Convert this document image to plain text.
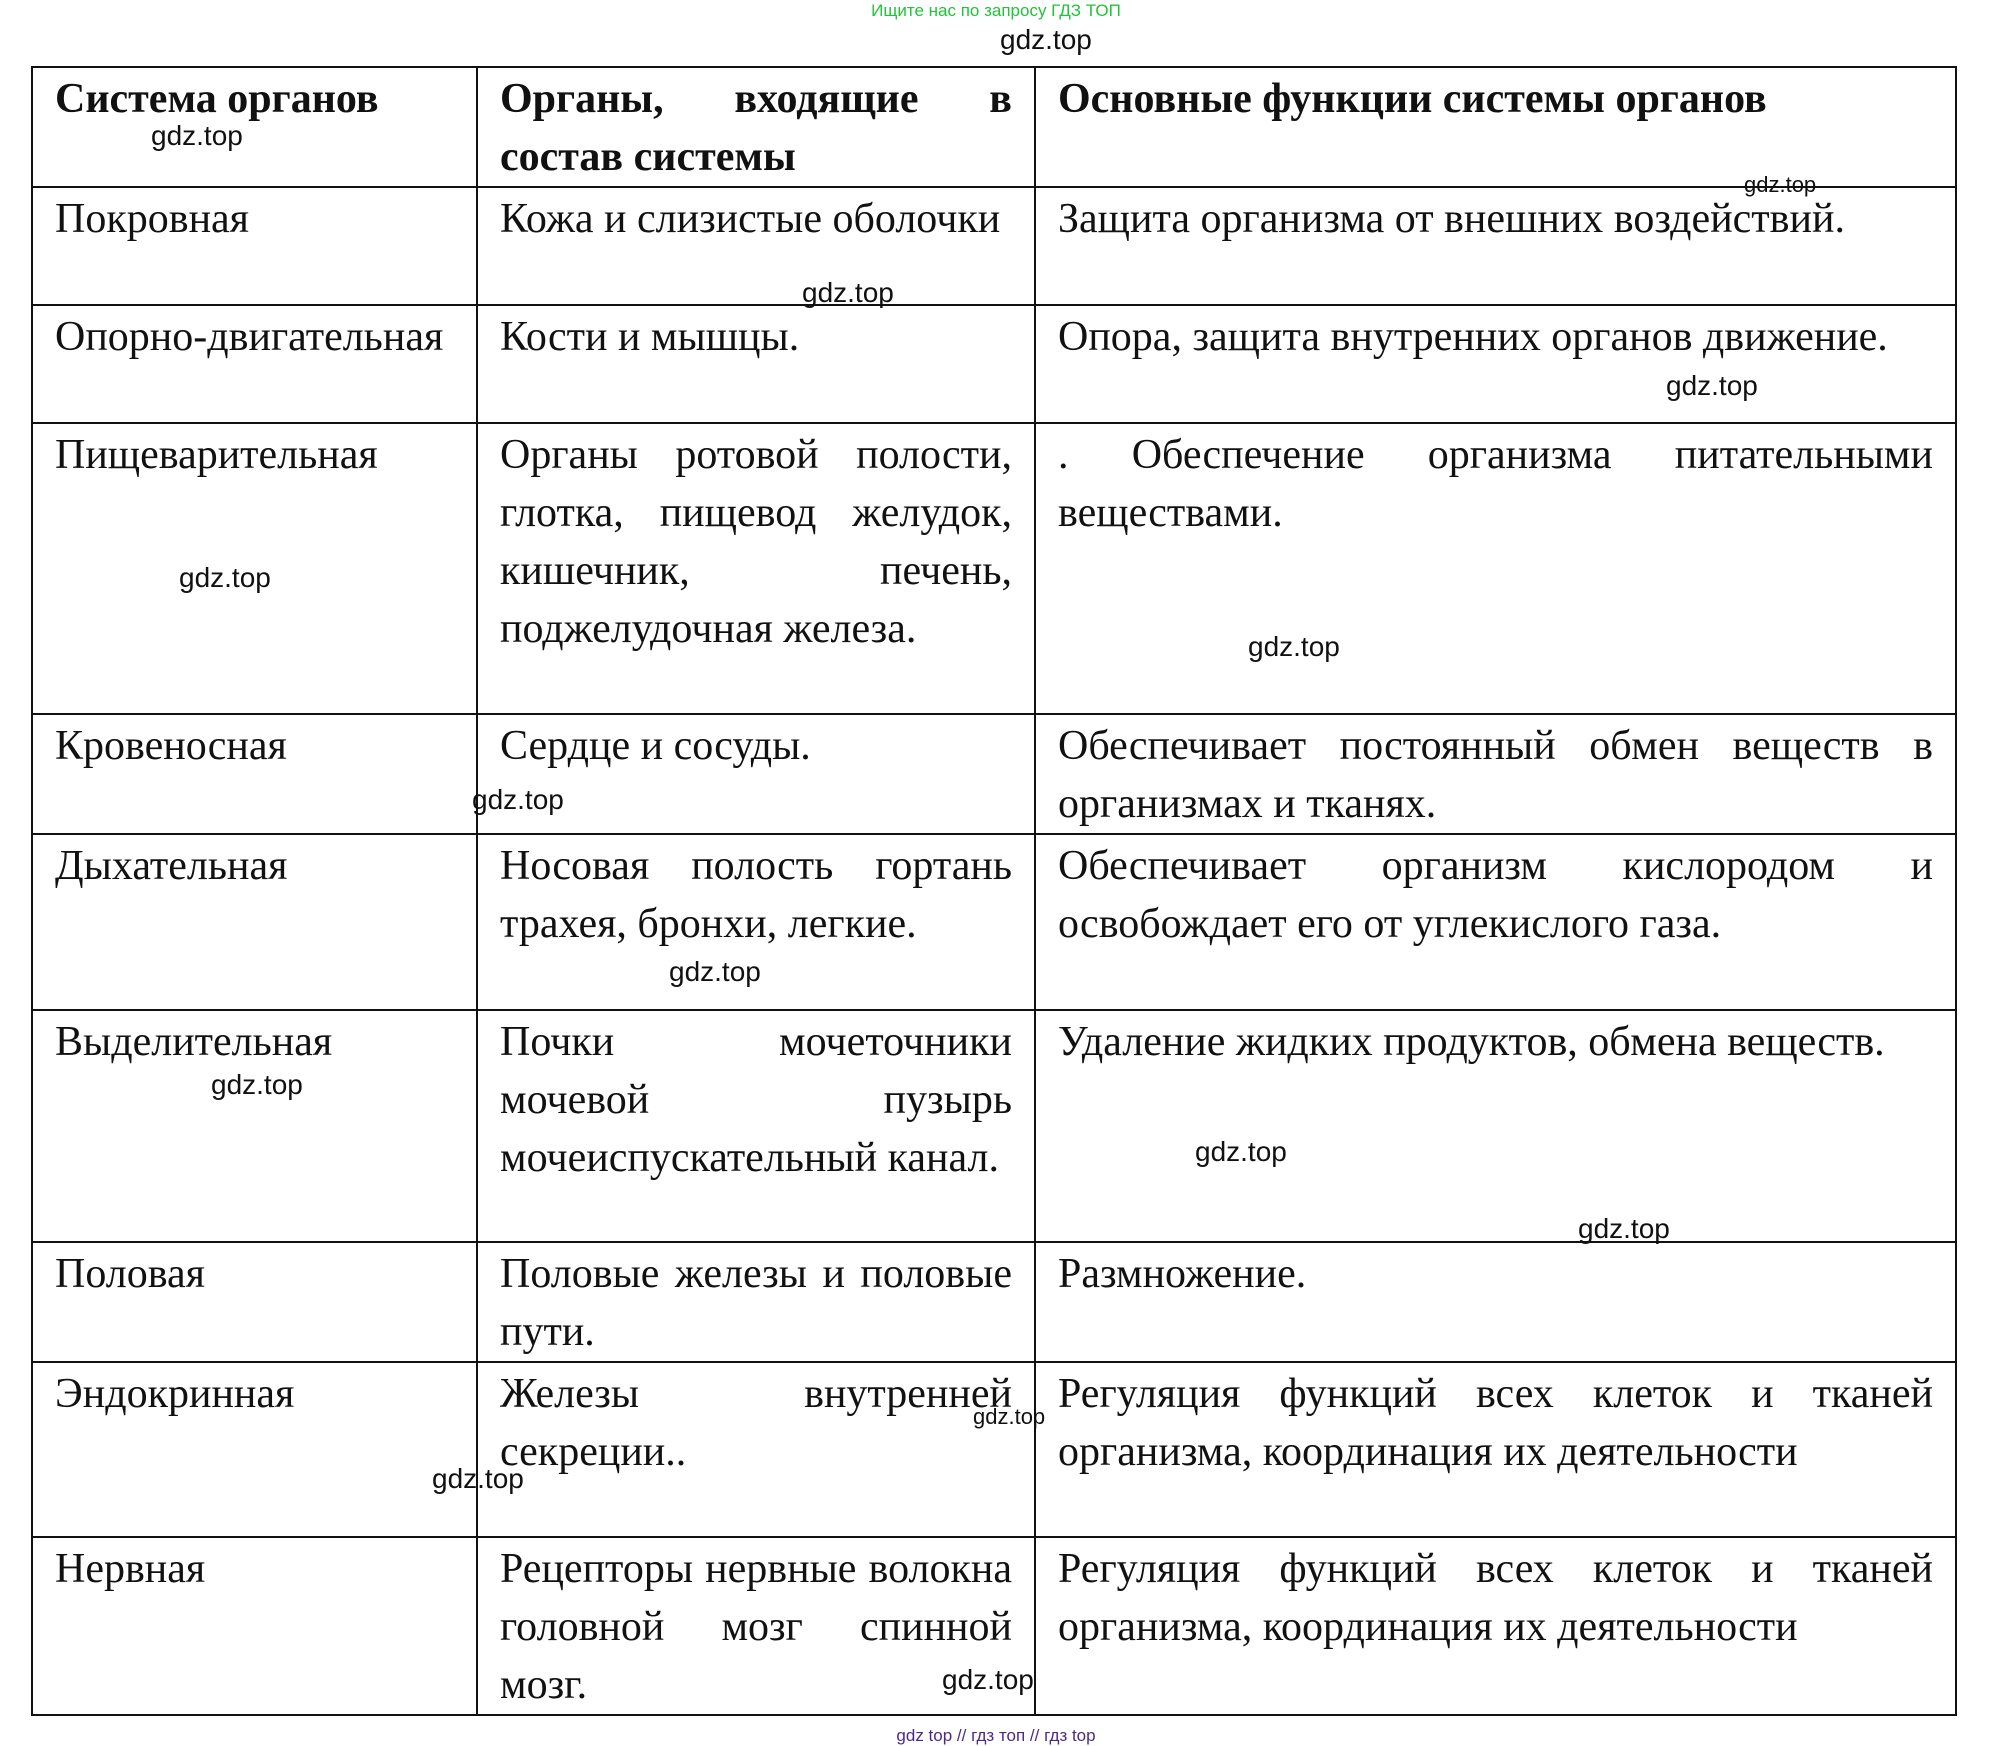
Ищите нас по запросу ГДЗ ТОП
Система органов	Органы, входящие в состав системы	Основные функции системы органов
Покровная	Кожа и слизистые оболочки	Защита организма от внешних воздействий.
Опорно-двигательная	Кости и мышцы.	Опора, защита внутренних органов движение.
Пищеварительная	Органы ротовой полости, глотка, пищевод желудок, кишечник, печень, поджелудочная железа.	. Обеспечение организма питательными веществами.
Кровеносная	Сердце и сосуды.	Обеспечивает постоянный обмен веществ в организмах и тканях.
Дыхательная	Носовая полость гортань трахея, бронхи, легкие.	Обеспечивает организм кислородом и освобождает его от углекислого газа.
Выделительная	Почки мочеточники мочевой пузырь мочеиспускательный канал.	Удаление жидких продуктов, обмена веществ.
Половая	Половые железы и половые пути.	Размножение.
Эндокринная	Железы внутренней секреции..	Регуляция функций всех клеток и тканей организма, координация их деятельности
Нервная	Рецепторы нервные волокна головной мозг спинной мозг.	Регуляция функций всех клеток и тканей организма, координация их деятельности
gdz.top
gdz.top
gdz.top
gdz.top
gdz.top
gdz.top
gdz.top
gdz.top
gdz.top
gdz.top
gdz.top
gdz.top
gdz.top
gdz.top
gdz.top
gdz top // гдз топ // гдз top
